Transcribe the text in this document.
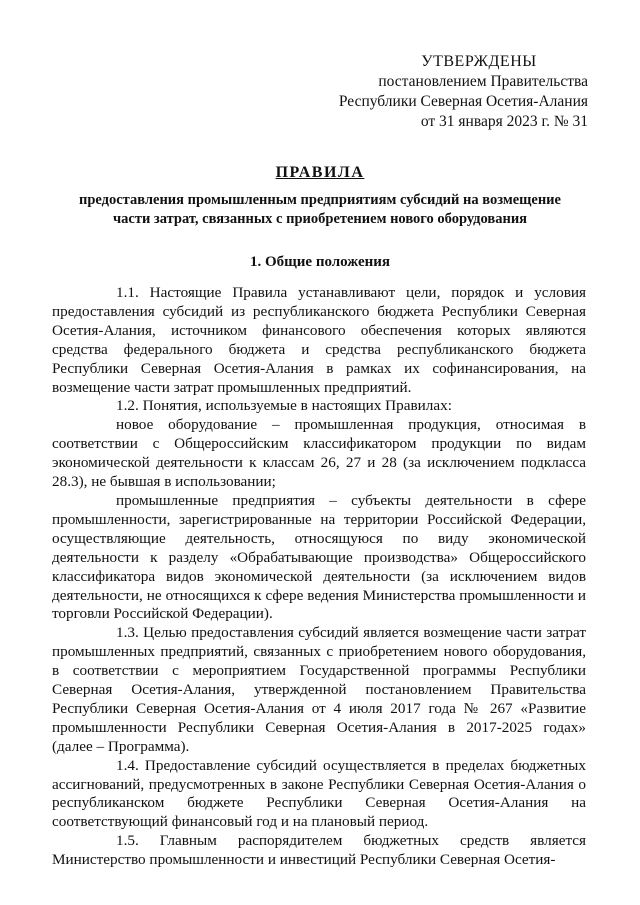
УТВЕРЖДЕНЫ
постановлением Правительства
Республики Северная Осетия-Алания
от 31 января 2023 г. № 31
ПРАВИЛА
предоставления промышленным предприятиям субсидий на возмещение части затрат, связанных с приобретением нового оборудования
1. Общие положения

1.1. Настоящие Правила устанавливают цели, порядок и условия предоставления субсидий из республиканского бюджета Республики Северная Осетия-Алания, источником финансового обеспечения которых являются средства федерального бюджета и средства республиканского бюджета Республики Северная Осетия-Алания в рамках их софинансирования, на возмещение части затрат промышленных предприятий.

1.2. Понятия, используемые в настоящих Правилах:

новое оборудование – промышленная продукция, относимая в соответствии с Общероссийским классификатором продукции по видам экономической деятельности к классам 26, 27 и 28 (за исключением подкласса 28.3), не бывшая в использовании;

промышленные предприятия – субъекты деятельности в сфере промышленности, зарегистрированные на территории Российской Федерации, осуществляющие деятельность, относящуюся по виду экономической деятельности к разделу «Обрабатывающие производства» Общероссийского классификатора видов экономической деятельности (за исключением видов деятельности, не относящихся к сфере ведения Министерства промышленности и торговли Российской Федерации).

1.3. Целью предоставления субсидий является возмещение части затрат промышленных предприятий, связанных с приобретением нового оборудования, в соответствии с мероприятием Государственной программы Республики Северная Осетия-Алания, утвержденной постановлением Правительства Республики Северная Осетия-Алания от 4 июля 2017 года № 267 «Развитие промышленности Республики Северная Осетия-Алания в 2017-2025 годах» (далее – Программа).

1.4. Предоставление субсидий осуществляется в пределах бюджетных ассигнований, предусмотренных в законе Республики Северная Осетия-Алания о республиканском бюджете Республики Северная Осетия-Алания на соответствующий финансовый год и на плановый период.

1.5. Главным распорядителем бюджетных средств является Министерство промышленности и инвестиций Республики Северная Осетия-
